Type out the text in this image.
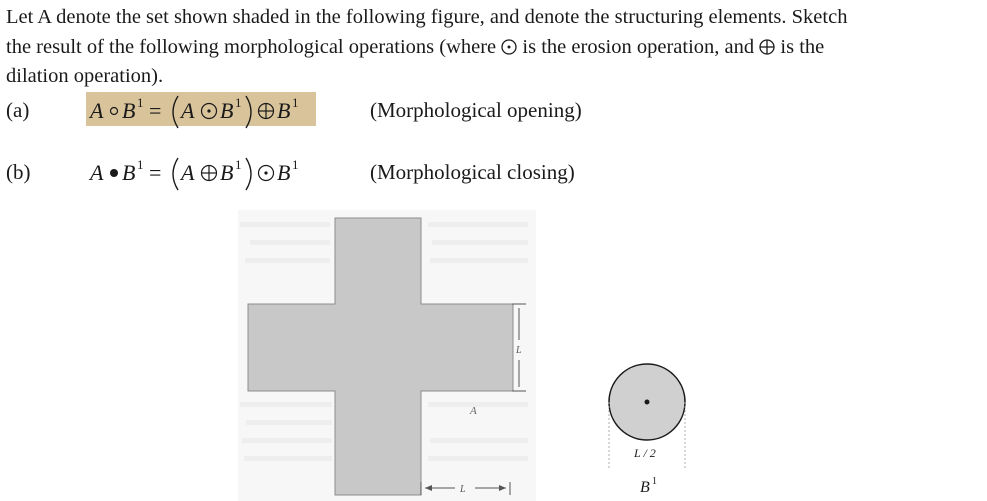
Let A denote the set shown shaded in the following figure, and denote the structuring elements. Sketch
the result of the following morphological operations (where  is the erosion operation, and  is the
dilation operation).

(a)	A B 1 = A B 1 B 1	(Morphological opening)
(b)	A B 1 = A B 1 B 1	(Morphological closing)
A
L
L
L / 2
B 1
